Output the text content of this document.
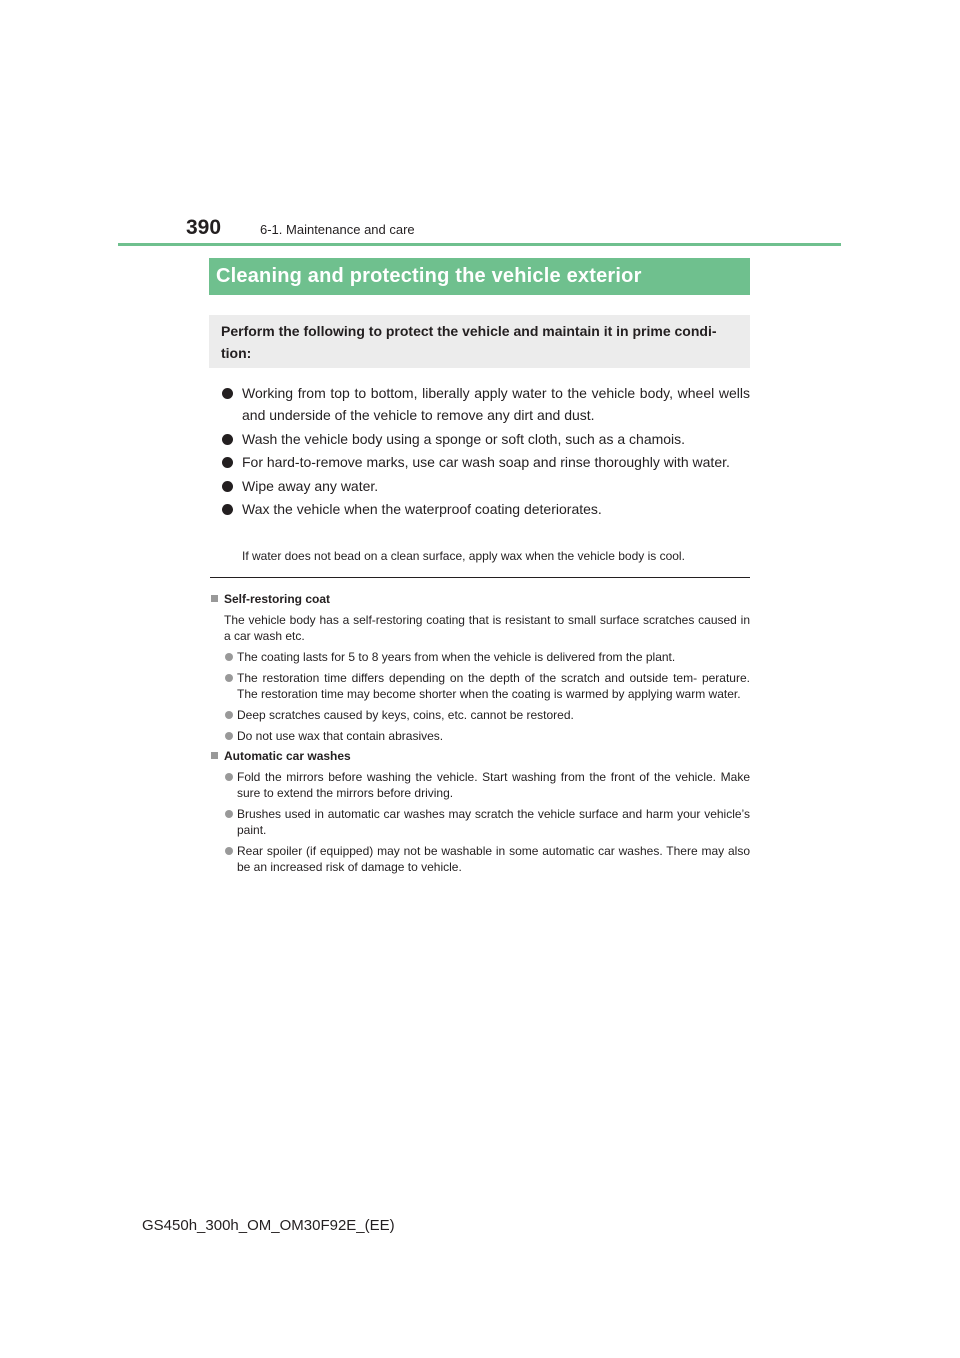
390	6-1. Maintenance and care
Cleaning and protecting the vehicle exterior
Perform the following to protect the vehicle and maintain it in prime condi- tion:
Working from top to bottom, liberally apply water to the vehicle body, wheel wells and underside of the vehicle to remove any dirt and dust.
Wash the vehicle body using a sponge or soft cloth, such as a chamois.
For hard-to-remove marks, use car wash soap and rinse thoroughly with water.
Wipe away any water.
Wax the vehicle when the waterproof coating deteriorates.
If water does not bead on a clean surface, apply wax when the vehicle body is cool.
Self-restoring coat
The vehicle body has a self-restoring coating that is resistant to small surface scratches caused in a car wash etc.
The coating lasts for 5 to 8 years from when the vehicle is delivered from the plant.
The restoration time differs depending on the depth of the scratch and outside tem- perature. The restoration time may become shorter when the coating is warmed by applying warm water.
Deep scratches caused by keys, coins, etc. cannot be restored.
Do not use wax that contain abrasives.
Automatic car washes
Fold the mirrors before washing the vehicle. Start washing from the front of the vehicle. Make sure to extend the mirrors before driving.
Brushes used in automatic car washes may scratch the vehicle surface and harm your vehicle’s paint.
Rear spoiler (if equipped) may not be washable in some automatic car washes. There may also be an increased risk of damage to vehicle.
GS450h_300h_OM_OM30F92E_(EE)
